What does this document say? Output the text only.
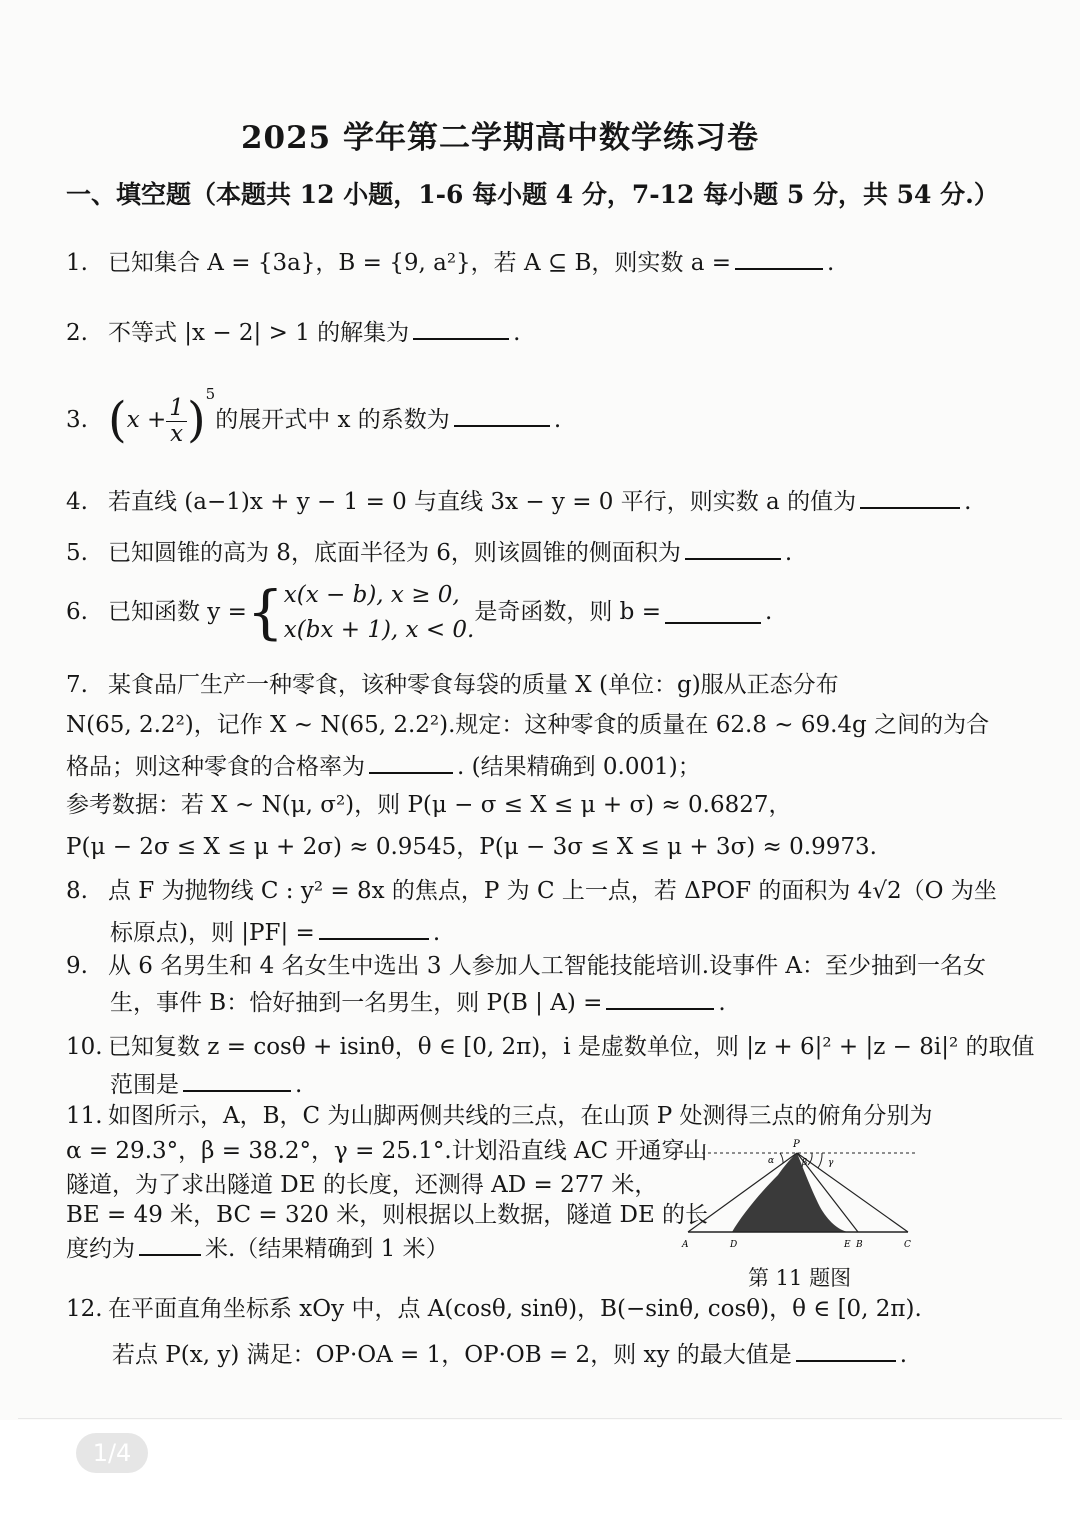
2025 学年第二学期高中数学练习卷
一、填空题（本题共 12 小题，1-6 每小题 4 分，7-12 每小题 5 分，共 54 分.）
1. 已知集合 A = {3a}，B = {9, a²}，若 A ⊆ B，则实数 a =	.
2. 不等式 |x − 2| > 1 的解集为	.
3. $(x + \frac{1}{x} )^5$的展开式中 x 的系数为	.
4. 若直线 (a−1)x + y − 1 = 0 与直线 3x − y = 0 平行，则实数 a 的值为	.
5. 已知圆锥的高为 8，底面半径为 6，则该圆锥的侧面积为	.
6. 已知函数 y ={ x(x − b), x ≥ 0,
x(bx + 1), x < 0.
是奇函数，则 b =	.
7. 某食品厂生产一种零食，该种零食每袋的质量 X (单位：g)服从正态分布
N(65, 2.2²)，记作 X ~ N(65, 2.2²).规定：这种零食的质量在 62.8 ~ 69.4g 之间的为合
格品；则这种零食的合格率为	. (结果精确到 0.001)；
参考数据：若 X ~ N(μ, σ²)，则 P(μ − σ ≤ X ≤ μ + σ) ≈ 0.6827，
P(μ − 2σ ≤ X ≤ μ + 2σ) ≈ 0.9545，P(μ − 3σ ≤ X ≤ μ + 3σ) ≈ 0.9973.
8. 点 F 为抛物线 C : y² = 8x 的焦点，P 为 C 上一点，若 ΔPOF 的面积为 4√2（O 为坐
标原点)，则 |PF| =	.
9. 从 6 名男生和 4 名女生中选出 3 人参加人工智能技能培训.设事件 A：至少抽到一名女
生，事件 B：恰好抽到一名男生，则 P(B | A) =	.
10. 已知复数 z = cosθ + isinθ，θ ∈ [0, 2π)，i 是虚数单位，则 |z + 6|² + |z − 8i|² 的取值
范围是	.
11. 如图所示，A，B，C 为山脚两侧共线的三点，在山顶 P 处测得三点的俯角分别为
α = 29.3°，β = 38.2°，γ = 25.1°.计划沿直线 AC 开通穿山
隧道，为了求出隧道 DE 的长度，还测得 AD = 277 米，
BE = 49 米，BC = 320 米，则根据以上数据，隧道 DE 的长
度约为	米.（结果精确到 1 米）
P
α	β γ
A	D	E B	C
第 11 题图
12. 在平面直角坐标系 xOy 中，点 A(cosθ, sinθ)，B(−sinθ, cosθ)，θ ∈ [0, 2π).
若点 P(x, y) 满足：OP·OA = 1，OP·OB = 2，则 xy 的最大值是	.
1/4
